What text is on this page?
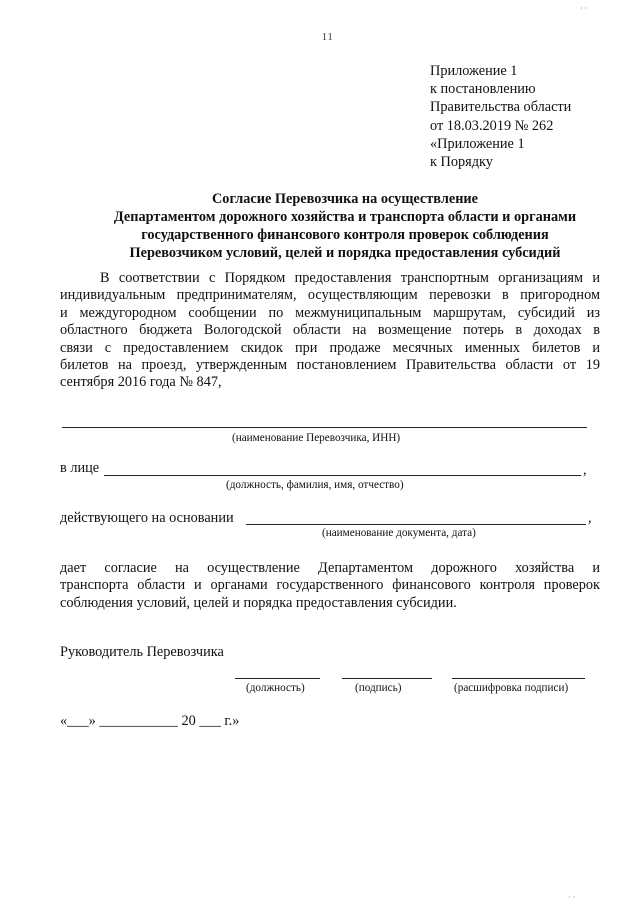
11
· ·
Приложение 1
к постановлению
Правительства области
от 18.03.2019 № 262
«Приложение 1
к Порядку
Согласие Перевозчика на осуществление
Департаментом дорожного хозяйства и транспорта области и органами
государственного финансового контроля проверок соблюдения
Перевозчиком условий, целей и порядка предоставления субсидий
В соответствии с Порядком предоставления транспортным организациям и
индивидуальным предпринимателям, осуществляющим перевозки в пригородном
и междугородном сообщении по межмуниципальным маршрутам, субсидий из
областного бюджета Вологодской области на возмещение потерь в доходах в
связи с предоставлением скидок при продаже месячных именных билетов и
билетов на проезд, утвержденным постановлением Правительства области от 19
сентября 2016 года № 847,
(наименование Перевозчика, ИНН)
в лице	,
(должность, фамилия, имя, отчество)
действующего на основании	,
(наименование документа, дата)
дает согласие на осуществление Департаментом дорожного хозяйства и
транспорта области и органами государственного финансового контроля проверок
соблюдения условий, целей и порядка предоставления субсидии.
Руководитель Перевозчика
(должность)	(подпись)	(расшифровка подписи)
«___» ___________ 20 ___ г.»
· ·
